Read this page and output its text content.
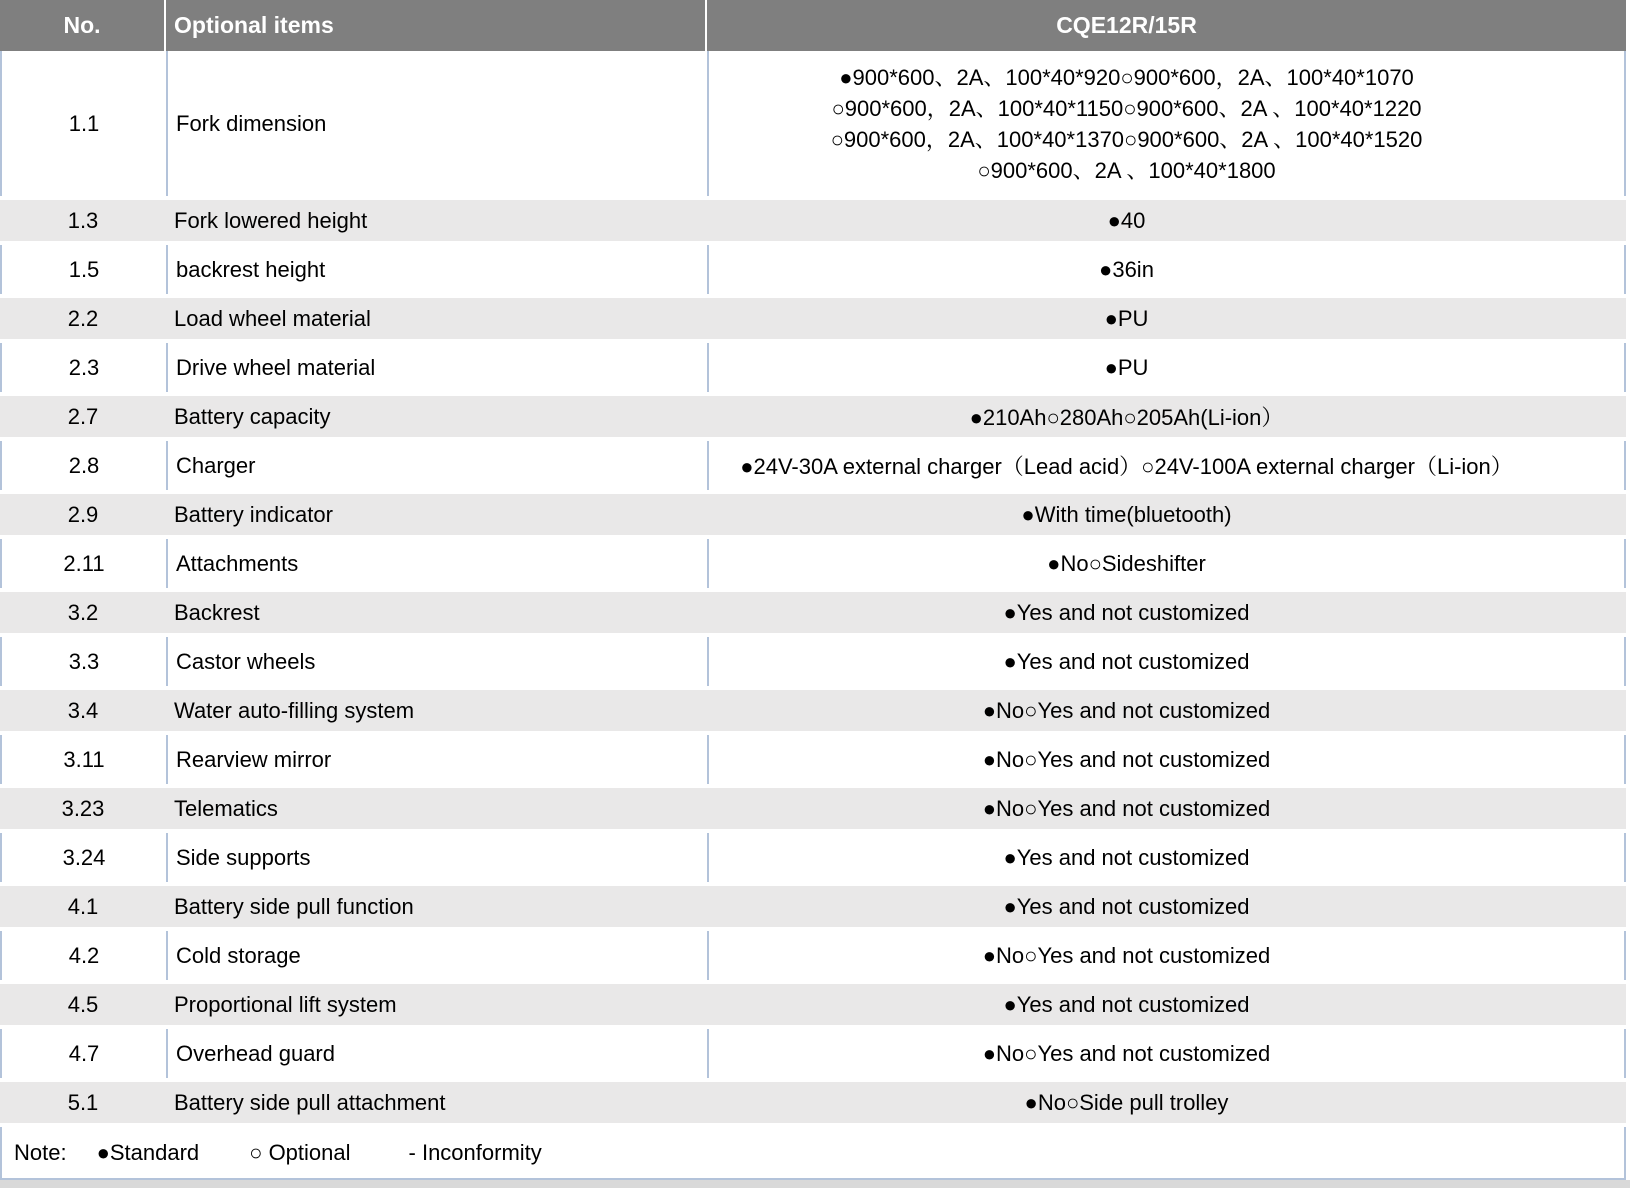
No.	Optional items	CQE12R/15R
1.1	Fork dimension
●900*600、2A、100*40*920○900*600，2A、100*40*1070
○900*600，2A、100*40*1150○900*600、2A 、100*40*1220
○900*600，2A、100*40*1370○900*600、2A 、100*40*1520
○900*600、2A 、100*40*1800
1.3	Fork lowered height	●40
1.5	backrest height	●36in
2.2	Load wheel material	●PU
2.3	Drive wheel material	●PU
2.7	Battery capacity	●210Ah○280Ah○205Ah(Li-ion）
2.8	Charger	●24V-30A external charger（Lead acid）○24V-100A external charger（Li-ion）
2.9	Battery indicator	●With time(bluetooth)
2.11	Attachments	●No○Sideshifter
3.2	Backrest	●Yes and not customized
3.3	Castor wheels	●Yes and not customized
3.4	Water auto-filling system	●No○Yes and not customized
3.11	Rearview mirror	●No○Yes and not customized
3.23	Telematics	●No○Yes and not customized
3.24	Side supports	●Yes and not customized
4.1	Battery side pull function	●Yes and not customized
4.2	Cold storage	●No○Yes and not customized
4.5	Proportional lift system	●Yes and not customized
4.7	Overhead guard	●No○Yes and not customized
5.1	Battery side pull attachment	●No○Side pull trolley
Note: ●Standard ○ Optional	- Inconformity
